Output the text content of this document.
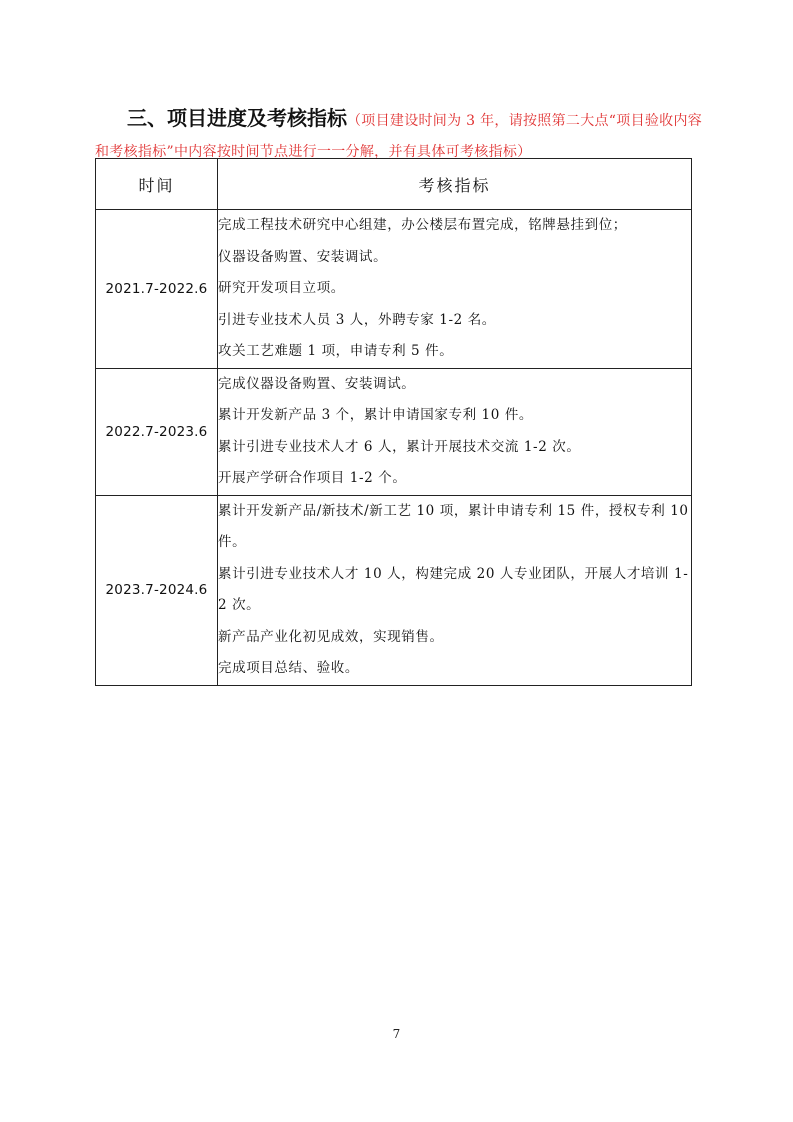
三、项目进度及考核指标（项目建设时间为 3 年，请按照第二大点“项目验收内容和考核指标”中内容按时间节点进行一一分解，并有具体可考核指标）
时间	考核指标
2021.7-2022.6	完成工程技术研究中心组建，办公楼层布置完成，铭牌悬挂到位；
仪器设备购置、安装调试。
研究开发项目立项。
引进专业技术人员 3 人，外聘专家 1-2 名。
攻关工艺难题 1 项，申请专利 5 件。

2022.7-2023.6	完成仪器设备购置、安装调试。
累计开发新产品 3 个，累计申请国家专利 10 件。
累计引进专业技术人才 6 人，累计开展技术交流 1-2 次。
开展产学研合作项目 1-2 个。

2023.7-2024.6	累计开发新产品/新技术/新工艺 10 项，累计申请专利 15 件，授权专利 10 件。
累计引进专业技术人才 10 人，构建完成 20 人专业团队，开展人才培训 1-2 次。
新产品产业化初见成效，实现销售。
完成项目总结、验收。
7
